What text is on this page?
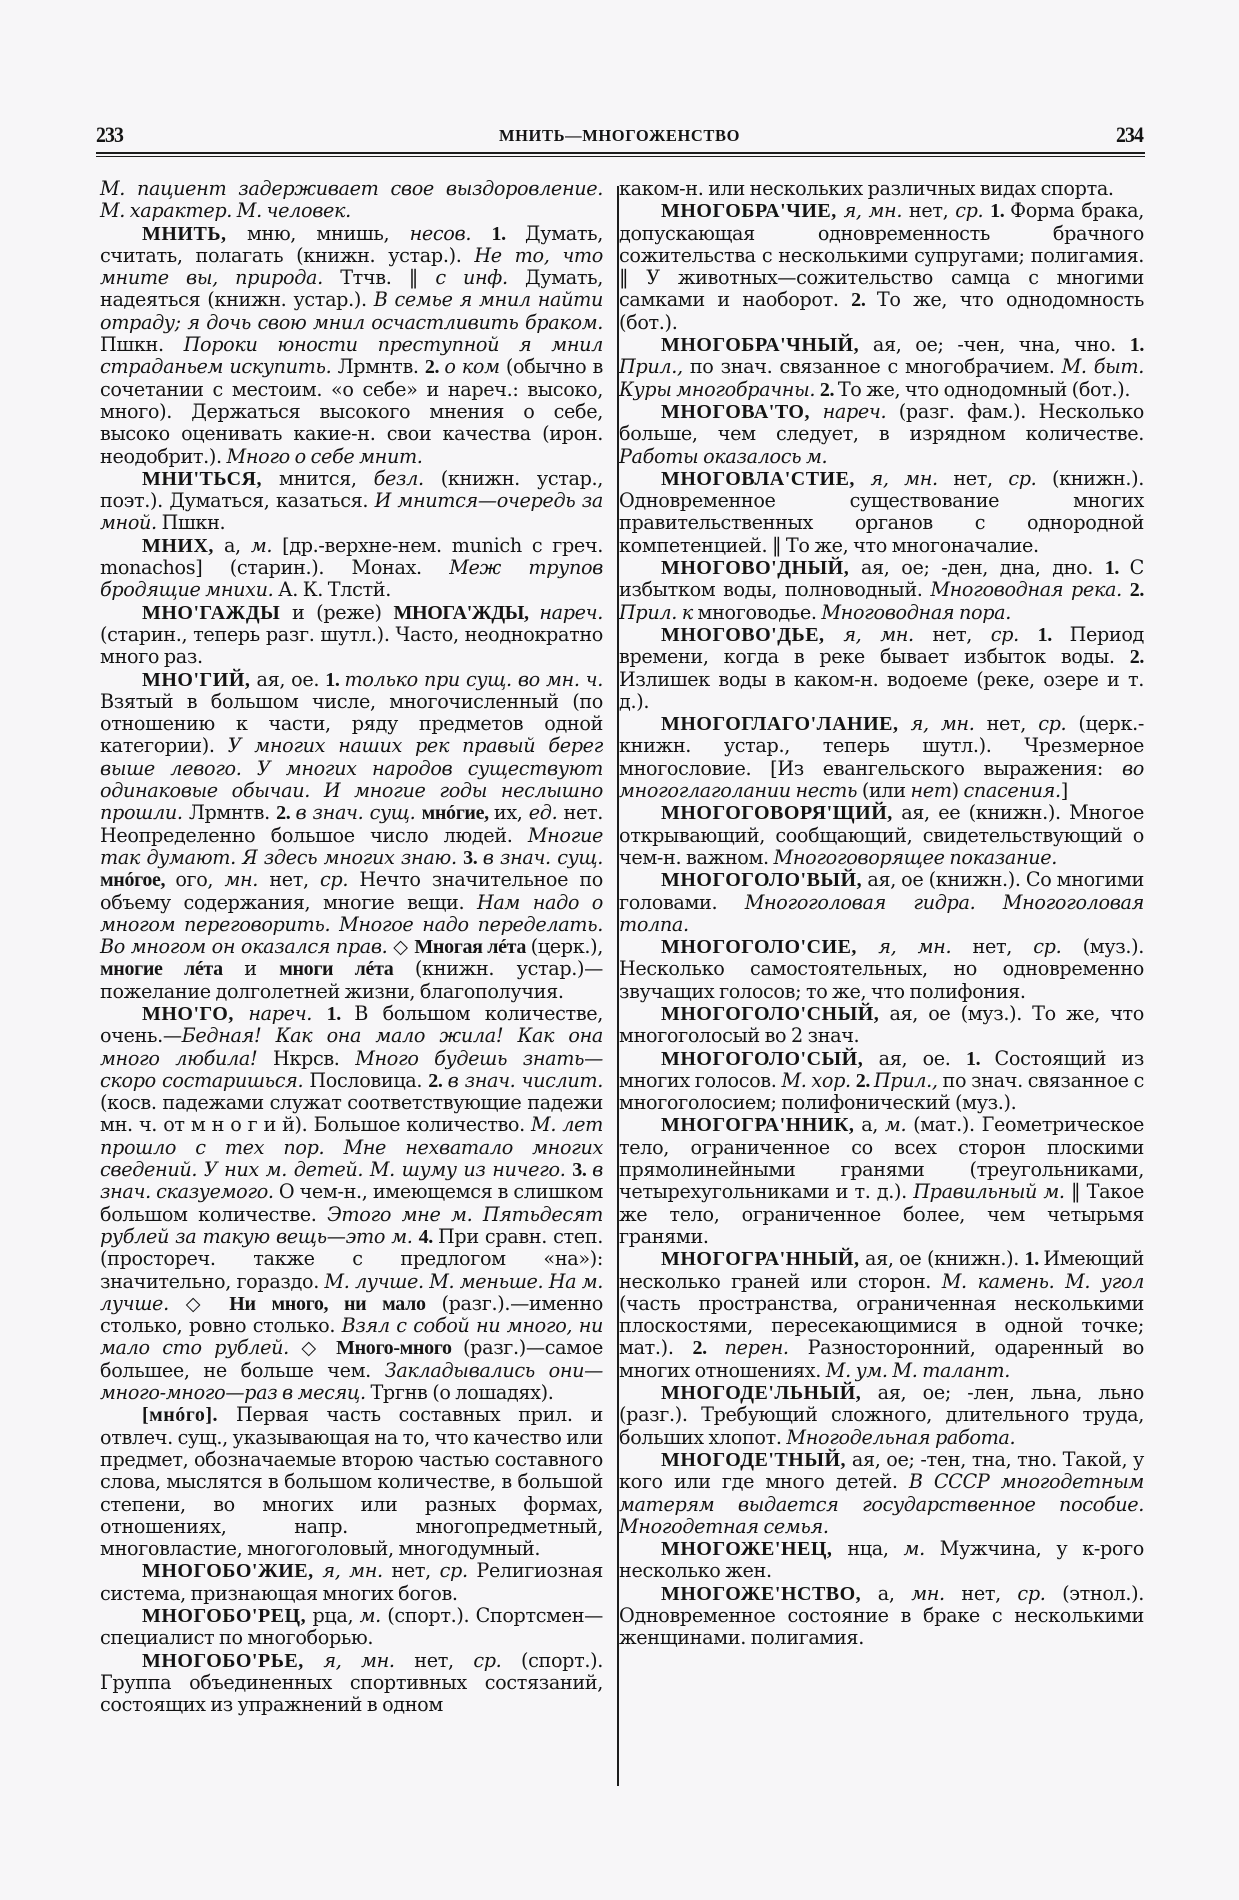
233	МНИТЬ—МНОГОЖЕНСТВО	234

М. пациент задерживает свое выздоровление. М. характер. М. человек.

МНИТЬ, мню, мнишь, несов. 1. Думать, считать, полагать (книжн. устар.). Не то, что мните вы, природа. Ттчв. ‖ с инф. Думать, надеяться (книжн. устар.). В семье я мнил найти отраду; я дочь свою мнил осчастливить браком. Пшкн. Пороки юности преступной я мнил страданьем искупить. Лрмнтв. 2. о ком (обычно в сочетании с местоим. «о себе» и нареч.: высоко, много). Держаться высокого мнения о себе, высоко оценивать какие-н. свои качества (ирон. неодобрит.). Много о себе мнит.

МНИ'ТЬСЯ, мнится, безл. (книжн. устар., поэт.). Думаться, казаться. И мнится—очередь за мной. Пшкн.

МНИХ, а, м. [др.-верхне-нем. munich с греч. monachos] (старин.). Монах. Меж трупов бродящие мнихи. А. К. Тлстй.

МНО'ГАЖДЫ и (реже) МНОГА'ЖДЫ, нареч. (старин., теперь разг. шутл.). Часто, неоднократно много раз.

МНО'ГИЙ, ая, ое. 1. только при сущ. во мн. ч. Взятый в большом числе, многочисленный (по отношению к части, ряду предметов одной категории). У многих наших рек правый берег выше левого. У многих народов существуют одинаковые обычаи. И многие годы неслышно прошли. Лрмнтв. 2. в знач. сущ. мнóгие, их, ед. нет. Неопределенно большое число людей. Многие так думают. Я здесь многих знаю. 3. в знач. сущ. мнóгое, ого, мн. нет, ср. Нечто значительное по объему содержания, многие вещи. Нам надо о многом переговорить. Многое надо переделать. Во многом он оказался прав. ◇ Многая лéта (церк.), многие лéта и многи лéта (книжн. устар.)—пожелание долголетней жизни, благополучия.

МНО'ГО, нареч. 1. В большом количестве, очень.—Бедная! Как она мало жила! Как она много любила! Нкрсв. Много будешь знать—скоро состаришься. Пословица. 2. в знач. числит. (косв. падежами служат соответствующие падежи мн. ч. от м н о г и й). Большое количество. М. лет прошло с тех пор. Мне нехватало многих сведений. У них м. детей. М. шуму из ничего. 3. в знач. сказуемого. О чем-н., имеющемся в слишком большом количестве. Этого мне м. Пятьдесят рублей за такую вещь—это м. 4. При сравн. степ. (простореч. также с предлогом «на»): значительно, гораздо. М. лучше. М. меньше. На м. лучше. ◇ Ни много, ни мало (разг.).—именно столько, ровно столько. Взял с собой ни много, ни мало сто рублей. ◇ Много-много (разг.)—самое большее, не больше чем. Закладывались они—много-много—раз в месяц. Тргнв (о лошадях).

[мнóго]. Первая часть составных прил. и отвлеч. сущ., указывающая на то, что качество или предмет, обозначаемые второю частью составного слова, мыслятся в большом количестве, в большой степени, во многих или разных формах, отношениях, напр. многопредметный, многовластие, многоголовый, многодумный.

МНОГОБО'ЖИЕ, я, мн. нет, ср. Религиозная система, признающая многих богов.

МНОГОБО'РЕЦ, рца, м. (спорт.). Спортсмен—специалист по многоборью.

МНОГОБО'РЬЕ, я, мн. нет, ср. (спорт.). Группа объединенных спортивных состязаний, состоящих из упражнений в одном

каком-н. или нескольких различных видах спорта.

МНОГОБРА'ЧИЕ, я, мн. нет, ср. 1. Форма брака, допускающая одновременность брачного сожительства с несколькими супругами; полигамия. ‖ У животных—сожительство самца с многими самками и наоборот. 2. То же, что однодомность (бот.).

МНОГОБРА'ЧНЫЙ, ая, ое; -чен, чна, чно. 1. Прил., по знач. связанное с многобрачием. М. быт. Куры многобрачны. 2. То же, что однодомный (бот.).

МНОГОВА'ТО, нареч. (разг. фам.). Несколько больше, чем следует, в изрядном количестве. Работы оказалось м.

МНОГОВЛА'СТИЕ, я, мн. нет, ср. (книжн.). Одновременное существование многих правительственных органов с однородной компетенцией. ‖ То же, что многоначалие.

МНОГОВО'ДНЫЙ, ая, ое; -ден, дна, дно. 1. С избытком воды, полноводный. Многоводная река. 2. Прил. к многоводье. Многоводная пора.

МНОГОВО'ДЬЕ, я, мн. нет, ср. 1. Период времени, когда в реке бывает избыток воды. 2. Излишек воды в каком-н. водоеме (реке, озере и т. д.).

МНОГОГЛАГО'ЛАНИЕ, я, мн. нет, ср. (церк.-книжн. устар., теперь шутл.). Чрезмерное многословие. [Из евангельского выражения: во многоглаголании несть (или нет) спасения.]

МНОГОГОВОРЯ'ЩИЙ, ая, ее (книжн.). Многое открывающий, сообщающий, свидетельствующий о чем-н. важном. Многоговорящее показание.

МНОГОГОЛО'ВЫЙ, ая, ое (книжн.). Со многими головами. Многоголовая гидра. Многоголовая толпа.

МНОГОГОЛО'СИЕ, я, мн. нет, ср. (муз.). Несколько самостоятельных, но одновременно звучащих голосов; то же, что полифония.

МНОГОГОЛО'СНЫЙ, ая, ое (муз.). То же, что многоголосый во 2 знач.

МНОГОГОЛО'СЫЙ, ая, ое. 1. Состоящий из многих голосов. М. хор. 2. Прил., по знач. связанное с многоголосием; полифонический (муз.).

МНОГОГРА'ННИК, а, м. (мат.). Геометрическое тело, ограниченное со всех сторон плоскими прямолинейными гранями (треугольниками, четырехугольниками и т. д.). Правильный м. ‖ Такое же тело, ограниченное более, чем четырьмя гранями.

МНОГОГРА'ННЫЙ, ая, ое (книжн.). 1. Имеющий несколько граней или сторон. М. камень. М. угол (часть пространства, ограниченная несколькими плоскостями, пересекающимися в одной точке; мат.). 2. перен. Разносторонний, одаренный во многих отношениях. М. ум. М. талант.

МНОГОДЕ'ЛЬНЫЙ, ая, ое; -лен, льна, льно (разг.). Требующий сложного, длительного труда, больших хлопот. Многодельная работа.

МНОГОДЕ'ТНЫЙ, ая, ое; -тен, тна, тно. Такой, у кого или где много детей. В СССР многодетным матерям выдается государственное пособие. Многодетная семья.

МНОГОЖЕ'НЕЦ, нца, м. Мужчина, у к-рого несколько жен.

МНОГОЖЕ'НСТВО, а, мн. нет, ср. (этнол.). Одновременное состояние в браке с несколькими женщинами. полигамия.
